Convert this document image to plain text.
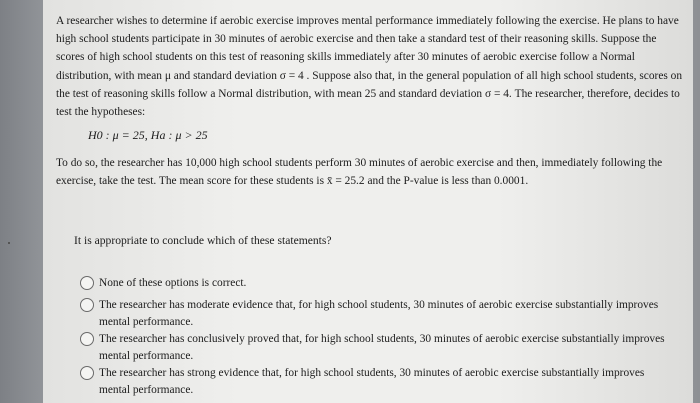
A researcher wishes to determine if aerobic exercise improves mental performance immediately following the exercise. He plans to have high school students participate in 30 minutes of aerobic exercise and then take a standard test of their reasoning skills. Suppose the scores of high school students on this test of reasoning skills immediately after 30 minutes of aerobic exercise follow a Normal distribution, with mean μ and standard deviation σ = 4 . Suppose also that, in the general population of all high school students, scores on the test of reasoning skills follow a Normal distribution, with mean 25 and standard deviation σ = 4. The researcher, therefore, decides to test the hypotheses:

H0 : μ = 25, Ha : μ > 25

To do so, the researcher has 10,000 high school students perform 30 minutes of aerobic exercise and then, immediately following the exercise, take the test. The mean score for these students is x̄ = 25.2 and the P-value is less than 0.0001.

It is appropriate to conclude which of these statements?
None of these options is correct.
The researcher has moderate evidence that, for high school students, 30 minutes of aerobic exercise substantially improves mental performance.
The researcher has conclusively proved that, for high school students, 30 minutes of aerobic exercise substantially improves mental performance.
The researcher has strong evidence that, for high school students, 30 minutes of aerobic exercise substantially improves mental performance.
